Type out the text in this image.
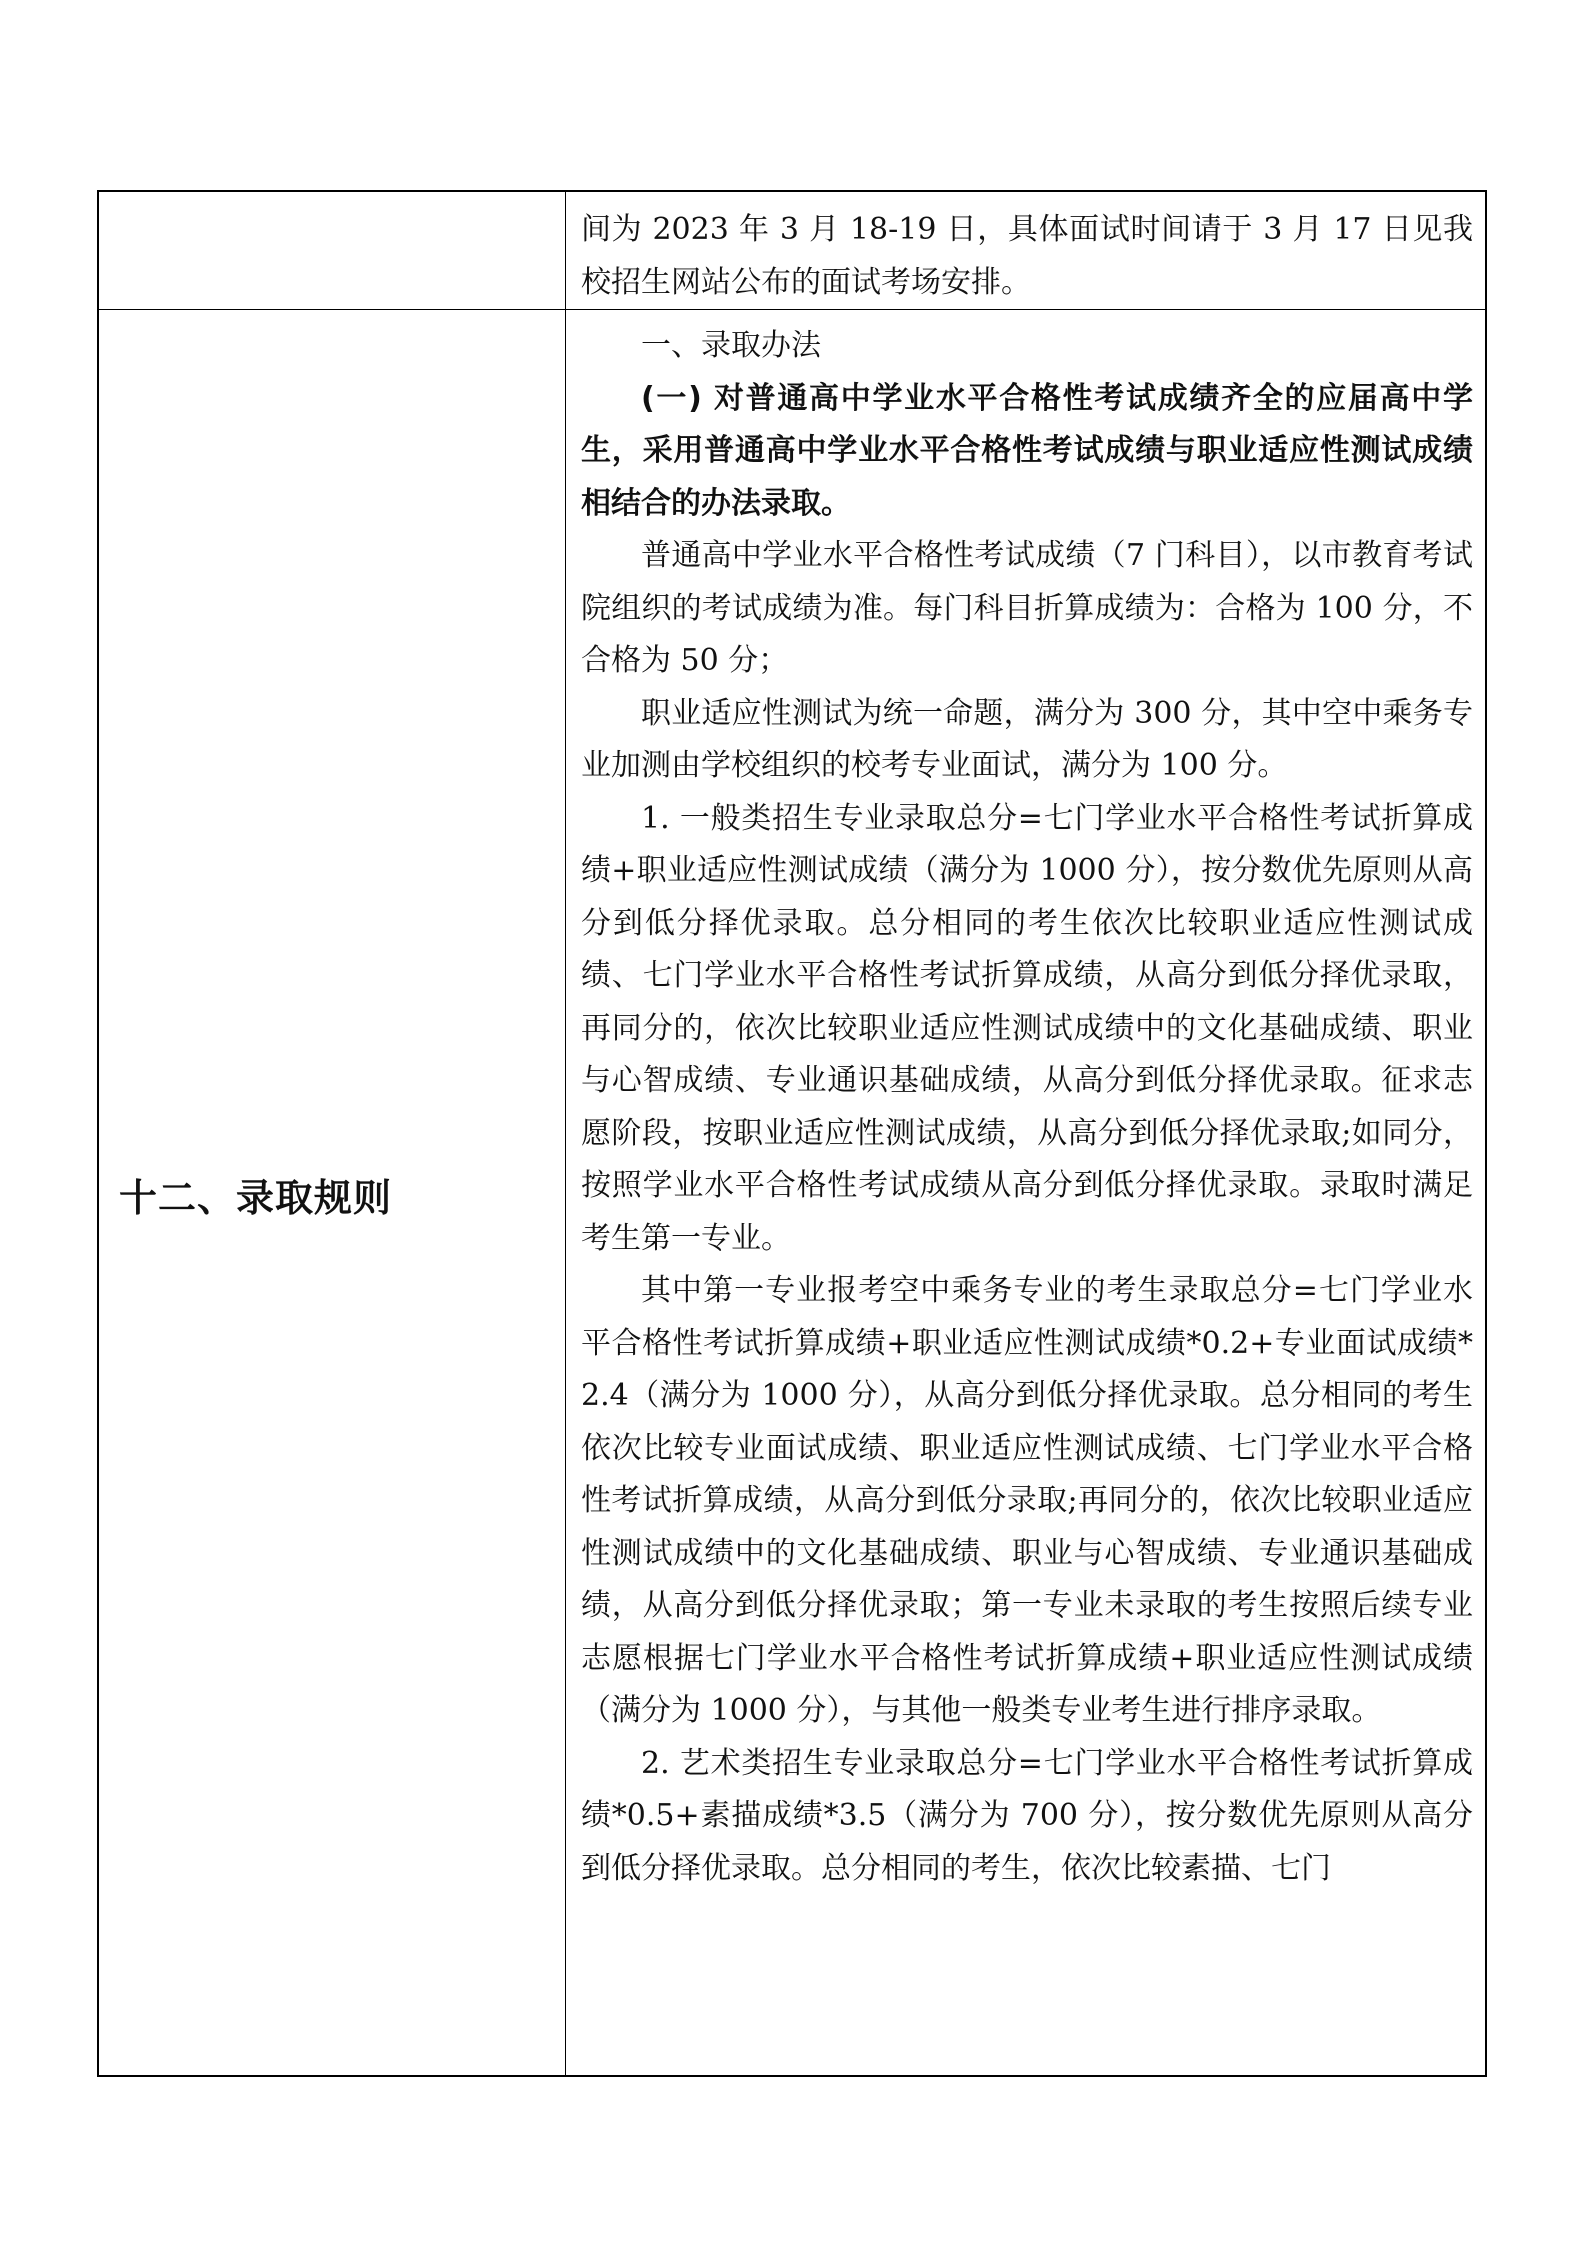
间为 2023 年 3 月 18-19 日，具体面试时间请于 3 月 17 日见我校招生网站公布的面试考场安排。

十二、录取规则

一、录取办法

(一) 对普通高中学业水平合格性考试成绩齐全的应届高中学生，采用普通高中学业水平合格性考试成绩与职业适应性测试成绩相结合的办法录取。

普通高中学业水平合格性考试成绩（7 门科目），以市教育考试院组织的考试成绩为准。每门科目折算成绩为：合格为 100 分，不合格为 50 分；

职业适应性测试为统一命题，满分为 300 分，其中空中乘务专业加测由学校组织的校考专业面试，满分为 100 分。

1. 一般类招生专业录取总分=七门学业水平合格性考试折算成绩+职业适应性测试成绩（满分为 1000 分），按分数优先原则从高分到低分择优录取。总分相同的考生依次比较职业适应性测试成绩、七门学业水平合格性考试折算成绩，从高分到低分择优录取，再同分的，依次比较职业适应性测试成绩中的文化基础成绩、职业与心智成绩、专业通识基础成绩，从高分到低分择优录取。征求志愿阶段，按职业适应性测试成绩，从高分到低分择优录取;如同分，按照学业水平合格性考试成绩从高分到低分择优录取。录取时满足考生第一专业。

其中第一专业报考空中乘务专业的考生录取总分=七门学业水平合格性考试折算成绩+职业适应性测试成绩*0.2+专业面试成绩*2.4（满分为 1000 分），从高分到低分择优录取。总分相同的考生依次比较专业面试成绩、职业适应性测试成绩、七门学业水平合格性考试折算成绩，从高分到低分录取;再同分的，依次比较职业适应性测试成绩中的文化基础成绩、职业与心智成绩、专业通识基础成绩，从高分到低分择优录取；第一专业未录取的考生按照后续专业志愿根据七门学业水平合格性考试折算成绩+职业适应性测试成绩（满分为 1000 分），与其他一般类专业考生进行排序录取。

2. 艺术类招生专业录取总分=七门学业水平合格性考试折算成绩*0.5+素描成绩*3.5（满分为 700 分），按分数优先原则从高分到低分择优录取。总分相同的考生，依次比较素描、七门
